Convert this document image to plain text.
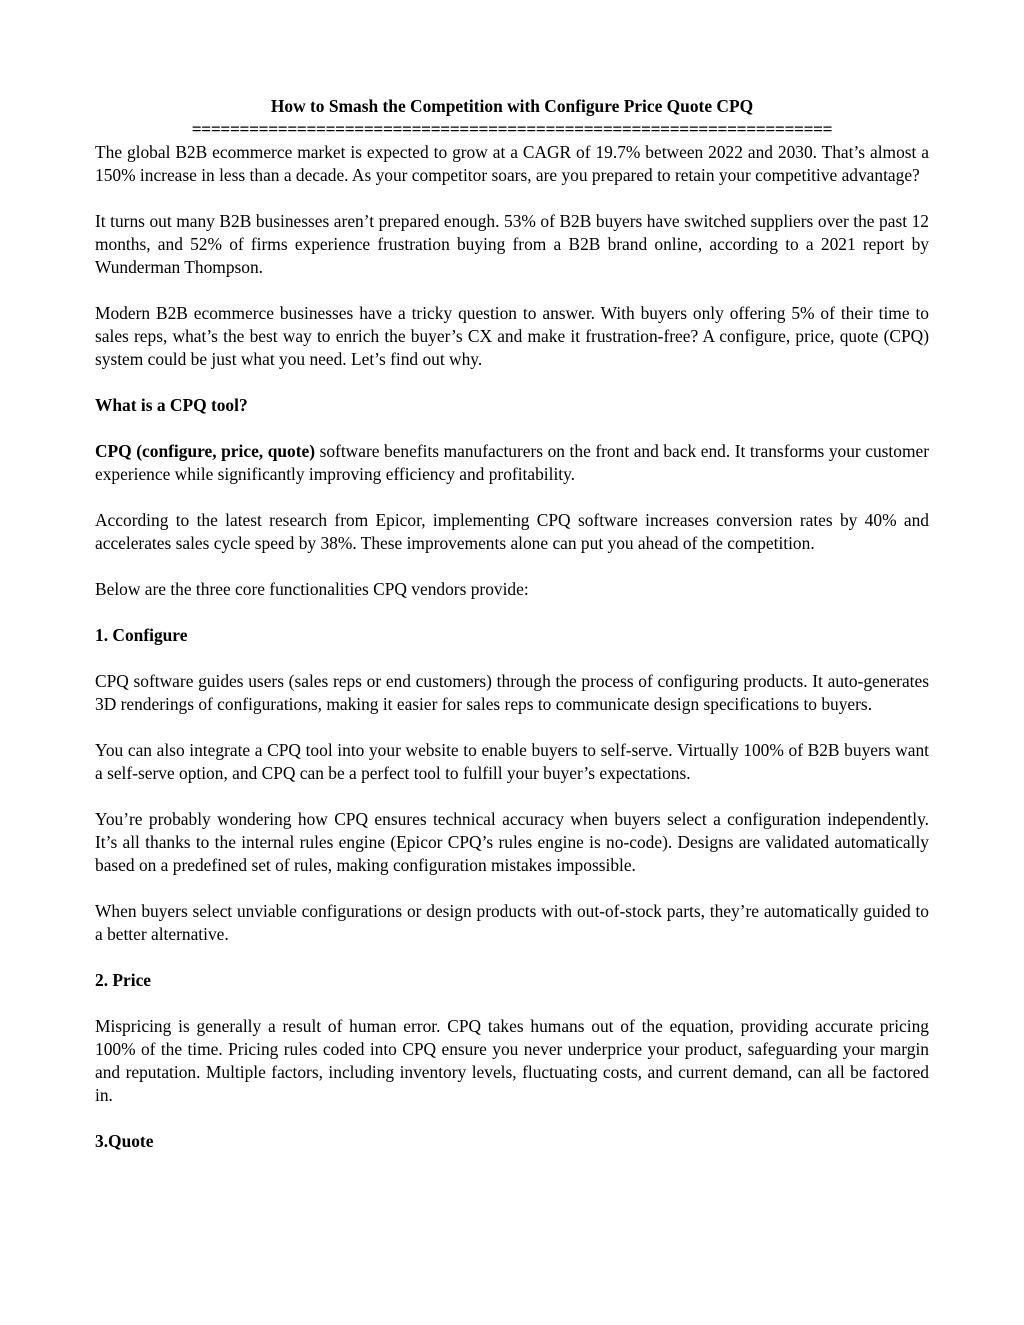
How to Smash the Competition with Configure Price Quote CPQ
===================================================================

The global B2B ecommerce market is expected to grow at a CAGR of 19.7% between 2022 and 2030. That’s almost a 150% increase in less than a decade. As your competitor soars, are you prepared to retain your competitive advantage?

It turns out many B2B businesses aren’t prepared enough. 53% of B2B buyers have switched suppliers over the past 12 months, and 52% of firms experience frustration buying from a B2B brand online, according to a 2021 report by Wunderman Thompson.

Modern B2B ecommerce businesses have a tricky question to answer. With buyers only offering 5% of their time to sales reps, what’s the best way to enrich the buyer’s CX and make it frustration-free? A configure, price, quote (CPQ) system could be just what you need. Let’s find out why.

What is a CPQ tool?

CPQ (configure, price, quote) software benefits manufacturers on the front and back end. It transforms your customer experience while significantly improving efficiency and profitability.

According to the latest research from Epicor, implementing CPQ software increases conversion rates by 40% and accelerates sales cycle speed by 38%. These improvements alone can put you ahead of the competition.

Below are the three core functionalities CPQ vendors provide:

1. Configure

CPQ software guides users (sales reps or end customers) through the process of configuring products. It auto-generates 3D renderings of configurations, making it easier for sales reps to communicate design specifications to buyers.

You can also integrate a CPQ tool into your website to enable buyers to self-serve. Virtually 100% of B2B buyers want a self-serve option, and CPQ can be a perfect tool to fulfill your buyer’s expectations.

You’re probably wondering how CPQ ensures technical accuracy when buyers select a configuration independently. It’s all thanks to the internal rules engine (Epicor CPQ’s rules engine is no-code). Designs are validated automatically based on a predefined set of rules, making configuration mistakes impossible.

When buyers select unviable configurations or design products with out-of-stock parts, they’re automatically guided to a better alternative.

2. Price

Mispricing is generally a result of human error. CPQ takes humans out of the equation, providing accurate pricing 100% of the time. Pricing rules coded into CPQ ensure you never underprice your product, safeguarding your margin and reputation. Multiple factors, including inventory levels, fluctuating costs, and current demand, can all be factored in.

3.Quote
